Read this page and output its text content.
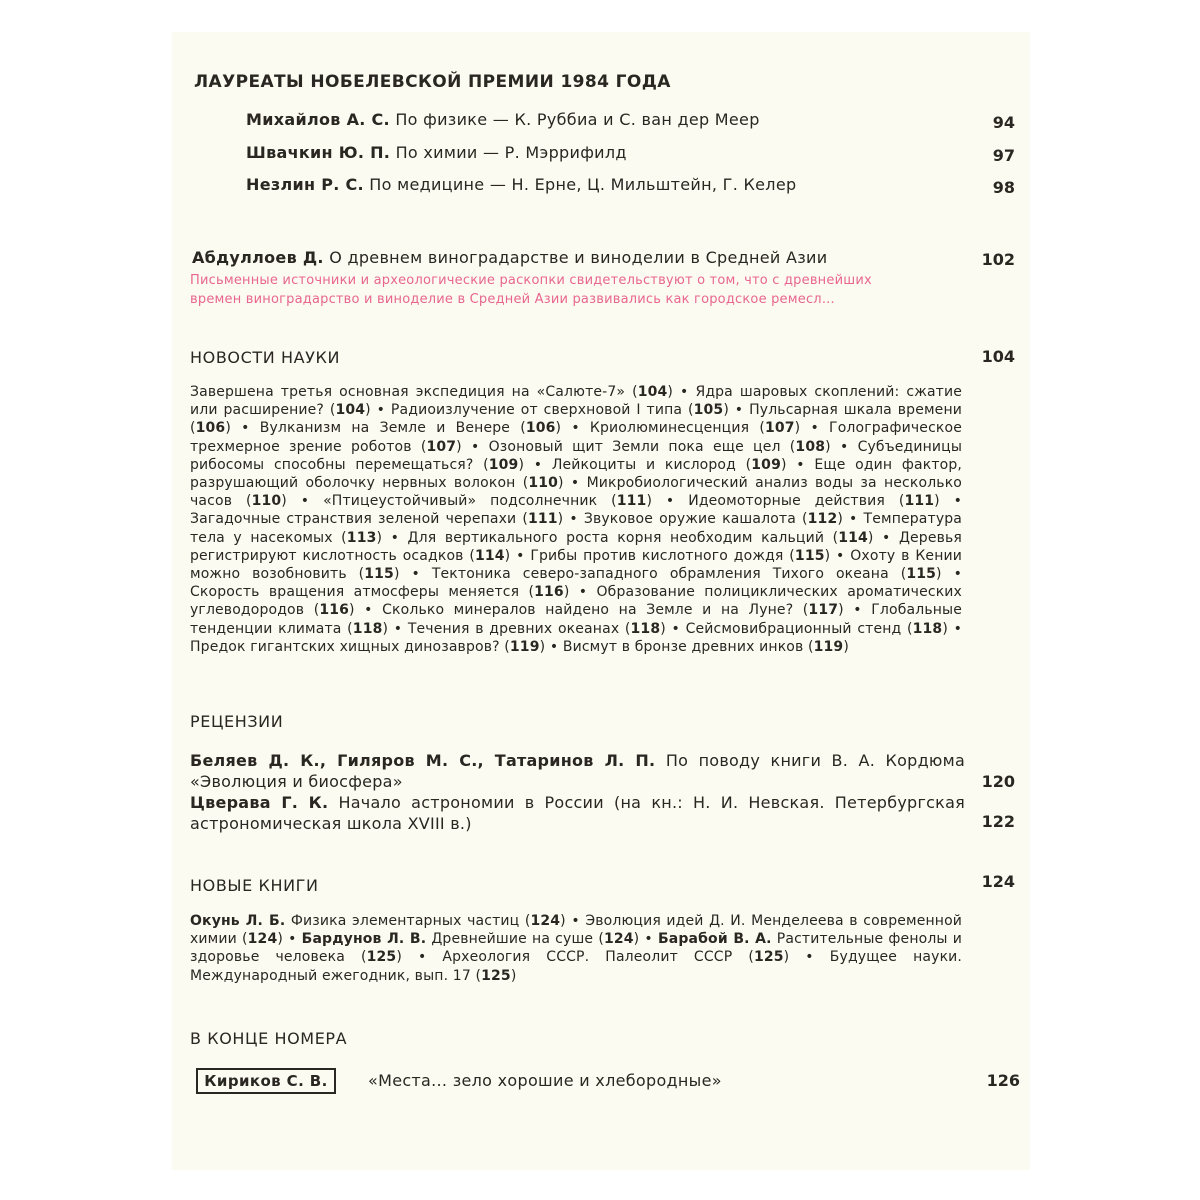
ЛАУРЕАТЫ НОБЕЛЕВСКОЙ ПРЕМИИ 1984 ГОДА
Михайлов А. С. По физике — К. Руббиа и С. ван дер Меер	94
Швачкин Ю. П. По химии — Р. Мэррифилд	97
Незлин Р. С. По медицине — Н. Ерне, Ц. Мильштейн, Г. Келер	98
Абдуллоев Д. О древнем виноградарстве и виноделии в Средней Азии	102
Письменные источники и археологические раскопки свидетельствуют о том, что с древнейших
времен виноградарство и виноделие в Средней Азии развивались как городское ремесл...
НОВОСТИ НАУКИ	104
Завершена третья основная экспедиция на «Салюте-7» (104) • Ядра шаровых скоплений: сжатие или расширение? (104) • Радиоизлучение от сверхновой I типа (105) • Пульсарная шкала времени (106) • Вулканизм на Земле и Венере (106) • Криолюминесценция (107) • Голографическое трехмерное зрение роботов (107) • Озоновый щит Земли пока еще цел (108) • Субъединицы рибосомы способны перемещаться? (109) • Лейкоциты и кислород (109) • Еще один фактор, разрушающий оболочку нервных волокон (110) • Микробиологический анализ воды за несколько часов (110) • «Птицеустойчивый» подсолнечник (111) • Идеомоторные действия (111) • Загадочные странствия зеленой черепахи (111) • Звуковое оружие кашалота (112) • Температура тела у насекомых (113) • Для вертикального роста корня необходим кальций (114) • Деревья регистрируют кислотность осадков (114) • Грибы против кислотного дождя (115) • Охоту в Кении можно возобновить (115) • Тектоника северо-западного обрамления Тихого океана (115) • Скорость вращения атмосферы меняется (116) • Образование полициклических ароматических углеводородов (116) • Сколько минералов найдено на Земле и на Луне? (117) • Глобальные тенденции климата (118) • Течения в древних океанах (118) • Сейсмовибрационный стенд (118) • Предок гигантских хищных динозавров? (119) • Висмут в бронзе древних инков (119)
РЕЦЕНЗИИ
Беляев Д. К., Гиляров М. С., Татаринов Л. П. По поводу книги В. А. Кордюма «Эволюция и биосфера»	120
Цверава Г. К. Начало астрономии в России (на кн.: Н. И. Невская. Петербургская астрономическая школа XVIII в.)	122
НОВЫЕ КНИГИ	124
Окунь Л. Б. Физика элементарных частиц (124) • Эволюция идей Д. И. Менделеева в современной химии (124) • Бардунов Л. В. Древнейшие на суше (124) • Барабой В. А. Растительные фенолы и здоровье человека (125) • Археология СССР. Палеолит СССР (125) • Будущее науки. Международный ежегодник, вып. 17 (125)
В КОНЦЕ НОМЕРА
Кириков С. В.	«Места... зело хорошие и хлебородные»	126
